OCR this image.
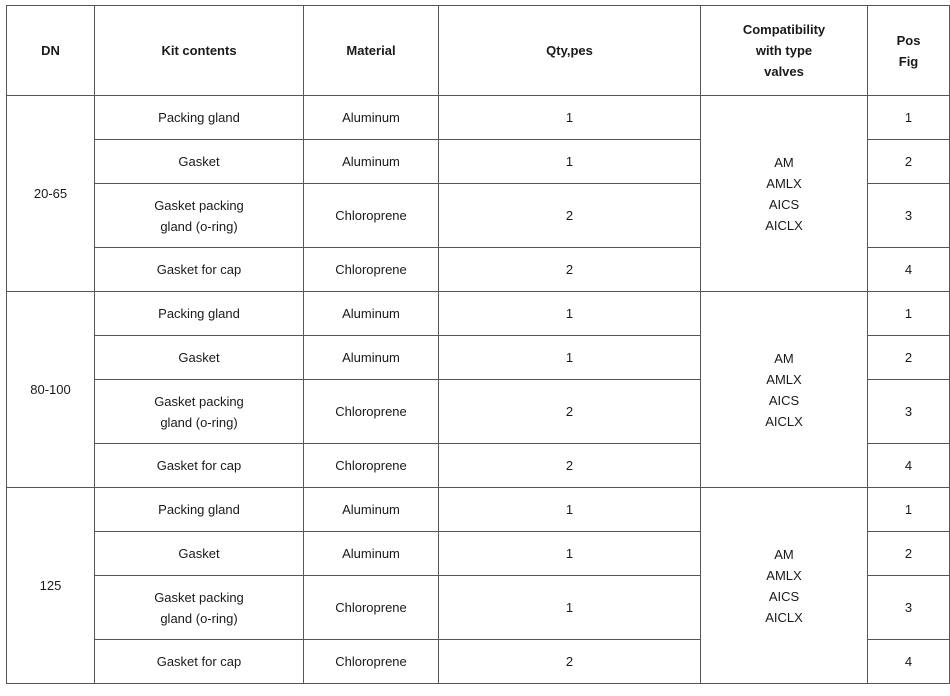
DN	Kit contents	Material	Qty,pes	Compatibility
with type
valves	Pos
Fig

20-65	Packing gland	Aluminum	1	AM
AMLX
AICS
AICLX	1
	Gasket	Aluminum	1		2

	Gasket packing
gland (o-ring)	Chloroprene	2		3
	Gasket for cap	Chloroprene	2		4
80-100	Packing gland	Aluminum	1	AM
AMLX
AICS
AICLX	1
	Gasket	Aluminum	1		2

	Gasket packing
gland (o-ring)	Chloroprene	2		3
	Gasket for cap	Chloroprene	2		4
125	Packing gland	Aluminum	1	AM
AMLX
AICS
AICLX	1
	Gasket	Aluminum	1		2

	Gasket packing
gland (o-ring)	Chloroprene	1		3
	Gasket for cap	Chloroprene	2		4
